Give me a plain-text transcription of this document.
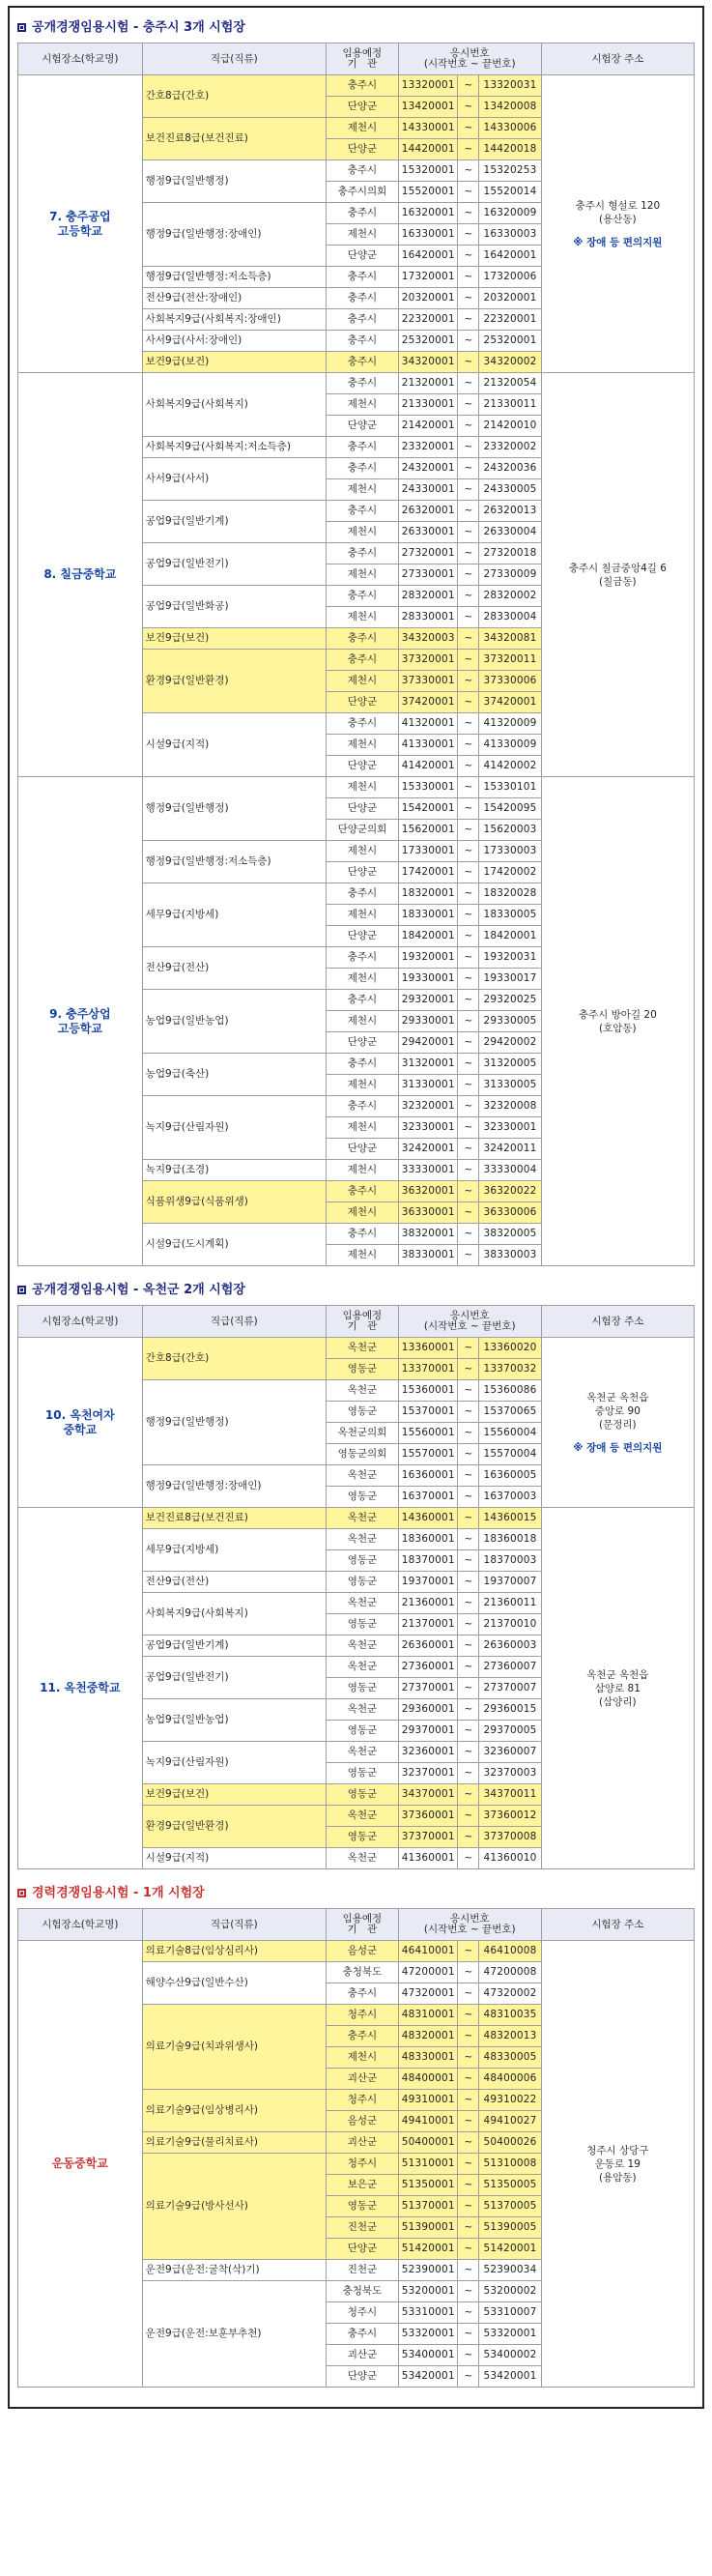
공개경쟁임용시험 - 충주시 3개 시험장
시험장소(학교명)	직급(직류)	임용예정
기　관	응시번호
(시작번호 ~ 끝번호)			시험장 주소
7. 충주공업
고등학교	간호8급(간호)	충주시	13320001	~	13320031	충주시 형설로 120
(용산동)
※ 장애 등 편의지원

		단양군	13420001	~	13420008	
	보건진료8급(보건진료)	제천시	14330001	~	14330006	
		단양군	14420001	~	14420018	
	행정9급(일반행정)	충주시	15320001	~	15320253	
		충주시의회	15520001	~	15520014	
	행정9급(일반행정:장애인)	충주시	16320001	~	16320009	
		제천시	16330001	~	16330003	
		단양군	16420001	~	16420001	
	행정9급(일반행정:저소득층)	충주시	17320001	~	17320006	
	전산9급(전산:장애인)	충주시	20320001	~	20320001	
	사회복지9급(사회복지:장애인)	충주시	22320001	~	22320001	
	사서9급(사서:장애인)	충주시	25320001	~	25320001	
	보건9급(보건)	충주시	34320001	~	34320002	
8. 칠금중학교	사회복지9급(사회복지)	충주시	21320001	~	21320054	충주시 칠금중앙4길 6
(칠금동)
		제천시	21330001	~	21330011	
		단양군	21420001	~	21420010	
	사회복지9급(사회복지:저소득층)	충주시	23320001	~	23320002	
	사서9급(사서)	충주시	24320001	~	24320036	
		제천시	24330001	~	24330005	
	공업9급(일반기계)	충주시	26320001	~	26320013	
		제천시	26330001	~	26330004	
	공업9급(일반전기)	충주시	27320001	~	27320018	
		제천시	27330001	~	27330009	
	공업9급(일반화공)	충주시	28320001	~	28320002	
		제천시	28330001	~	28330004	
	보건9급(보건)	충주시	34320003	~	34320081	
	환경9급(일반환경)	충주시	37320001	~	37320011	
		제천시	37330001	~	37330006	
		단양군	37420001	~	37420001	
	시설9급(지적)	충주시	41320001	~	41320009	
		제천시	41330001	~	41330009	
		단양군	41420001	~	41420002	
9. 충주상업
고등학교	행정9급(일반행정)	제천시	15330001	~	15330101	충주시 방아길 20
(호암동)
		단양군	15420001	~	15420095	
		단양군의회	15620001	~	15620003	
	행정9급(일반행정:저소득층)	제천시	17330001	~	17330003	
		단양군	17420001	~	17420002	
	세무9급(지방세)	충주시	18320001	~	18320028	
		제천시	18330001	~	18330005	
		단양군	18420001	~	18420001	
	전산9급(전산)	충주시	19320001	~	19320031	
		제천시	19330001	~	19330017	
	농업9급(일반농업)	충주시	29320001	~	29320025	
		제천시	29330001	~	29330005	
		단양군	29420001	~	29420002	
	농업9급(축산)	충주시	31320001	~	31320005	
		제천시	31330001	~	31330005	
	녹지9급(산림자원)	충주시	32320001	~	32320008	
		제천시	32330001	~	32330001	
		단양군	32420001	~	32420011	
	녹지9급(조경)	제천시	33330001	~	33330004	
	식품위생9급(식품위생)	충주시	36320001	~	36320022	
		제천시	36330001	~	36330006	
	시설9급(도시계획)	충주시	38320001	~	38320005	
		제천시	38330001	~	38330003	
공개경쟁임용시험 - 옥천군 2개 시험장
시험장소(학교명)	직급(직류)	임용예정
기　관	응시번호
(시작번호 ~ 끝번호)			시험장 주소
10. 옥천여자
중학교	간호8급(간호)	옥천군	13360001	~	13360020	옥천군 옥천읍
중앙로 90
(문정리)
※ 장애 등 편의지원

		영동군	13370001	~	13370032	
	행정9급(일반행정)	옥천군	15360001	~	15360086	
		영동군	15370001	~	15370065	
		옥천군의회	15560001	~	15560004	
		영동군의회	15570001	~	15570004	
	행정9급(일반행정:장애인)	옥천군	16360001	~	16360005	
		영동군	16370001	~	16370003	
11. 옥천중학교	보건진료8급(보건진료)	옥천군	14360001	~	14360015	옥천군 옥천읍
삼양로 81
(삼양리)
	세무9급(지방세)	옥천군	18360001	~	18360018	
		영동군	18370001	~	18370003	
	전산9급(전산)	영동군	19370001	~	19370007	
	사회복지9급(사회복지)	옥천군	21360001	~	21360011	
		영동군	21370001	~	21370010	
	공업9급(일반기계)	옥천군	26360001	~	26360003	
	공업9급(일반전기)	옥천군	27360001	~	27360007	
		영동군	27370001	~	27370007	
	농업9급(일반농업)	옥천군	29360001	~	29360015	
		영동군	29370001	~	29370005	
	녹지9급(산림자원)	옥천군	32360001	~	32360007	
		영동군	32370001	~	32370003	
	보건9급(보건)	영동군	34370001	~	34370011	
	환경9급(일반환경)	옥천군	37360001	~	37360012	
		영동군	37370001	~	37370008	
	시설9급(지적)	옥천군	41360001	~	41360010	
경력경쟁임용시험 - 1개 시험장
시험장소(학교명)	직급(직류)	임용예정
기　관	응시번호
(시작번호 ~ 끝번호)			시험장 주소
운동중학교	의료기술8급(임상심리사)	음성군	46410001	~	46410008	청주시 상당구
운동로 19
(용암동)
	해양수산9급(일반수산)	충청북도	47200001	~	47200008	
		충주시	47320001	~	47320002	
	의료기술9급(치과위생사)	청주시	48310001	~	48310035	
		충주시	48320001	~	48320013	
		제천시	48330001	~	48330005	
		괴산군	48400001	~	48400006	
	의료기술9급(임상병리사)	청주시	49310001	~	49310022	
		음성군	49410001	~	49410027	
	의료기술9급(물리치료사)	괴산군	50400001	~	50400026	
	의료기술9급(방사선사)	청주시	51310001	~	51310008	
		보은군	51350001	~	51350005	
		영동군	51370001	~	51370005	
		진천군	51390001	~	51390005	
		단양군	51420001	~	51420001	
	운전9급(운전:굴착(삭)기)	진천군	52390001	~	52390034	
	운전9급(운전:보훈부추천)	충청북도	53200001	~	53200002	
		청주시	53310001	~	53310007	
		충주시	53320001	~	53320001	
		괴산군	53400001	~	53400002	
		단양군	53420001	~	53420001	
